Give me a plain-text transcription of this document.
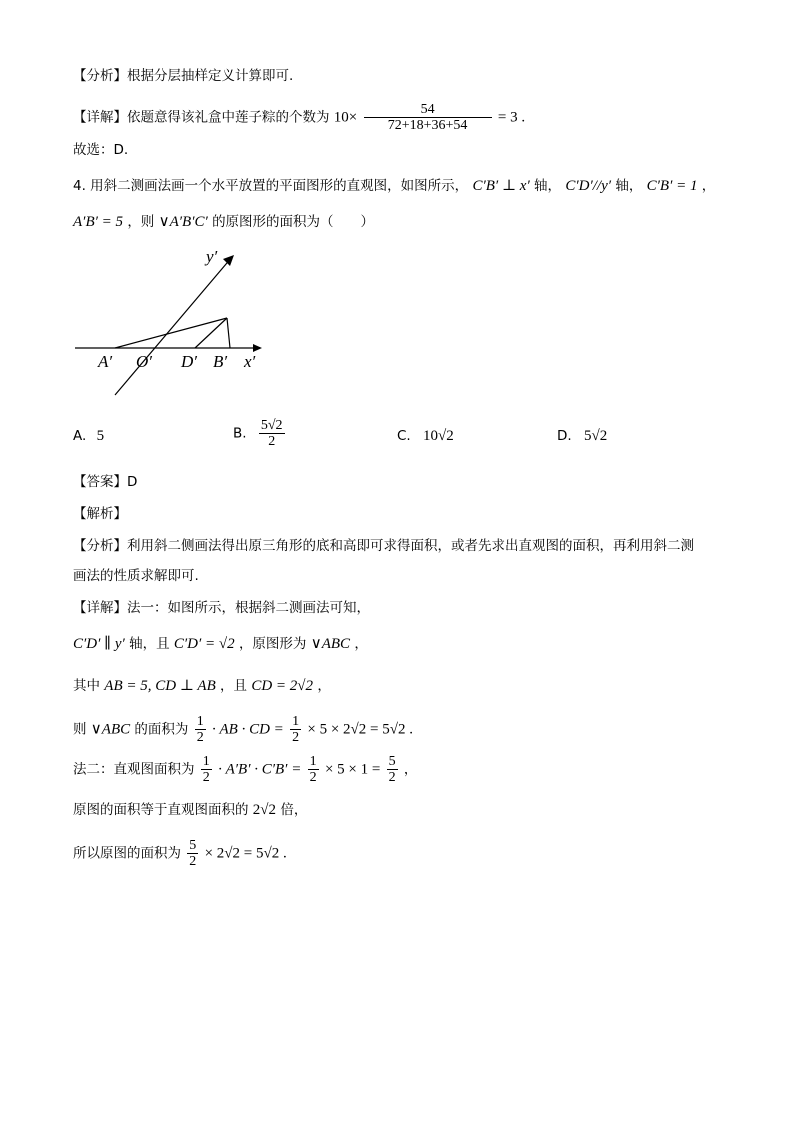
【分析】根据分层抽样定义计算即可.
【详解】依题意得该礼盒中莲子粽的个数为 $10\times \frac{54}{72+18+36+54} = 3$ .
故选：D.
4. 用斜二测画法画一个水平放置的平面图形的直观图，如图所示， C′B′ ⊥ x′ 轴， C′D′//y′ 轴， C′B′ = 1 ，
A′B′ = 5 ，则 ∨A′B′C′ 的原图形的面积为（　　）
y′
A′ O′ D′ B′ x′
A. 5	B. $\frac{5√2}{2}$	C. 10√2	D. 5√2
【答案】D
【解析】
【分析】利用斜二侧画法得出原三角形的底和高即可求得面积，或者先求出直观图的面积，再利用斜二测
画法的性质求解即可.
【详解】法一：如图所示，根据斜二测画法可知，
C′D′ ∥ y′ 轴，且 C′D′ = √2 ，原图形为 ∨ABC ，
其中 AB = 5, CD ⊥ AB ，且 CD = 2√2 ，
则 ∨ABC 的面积为 $\frac{1}{2}$ · AB · CD = $\frac{1}{2} \times 5 \times 2√2 = 5√2$ .
法二：直观图面积为 $\frac{1}{2} \cdot A'B' \cdot C'B' = \frac{1}{2} \times 5 \times 1 = \frac{5}{2}$ ，
原图的面积等于直观图面积的 2√2 倍，
所以原图的面积为 $\frac{5}{2} \times 2√2 = 5√2$ .
